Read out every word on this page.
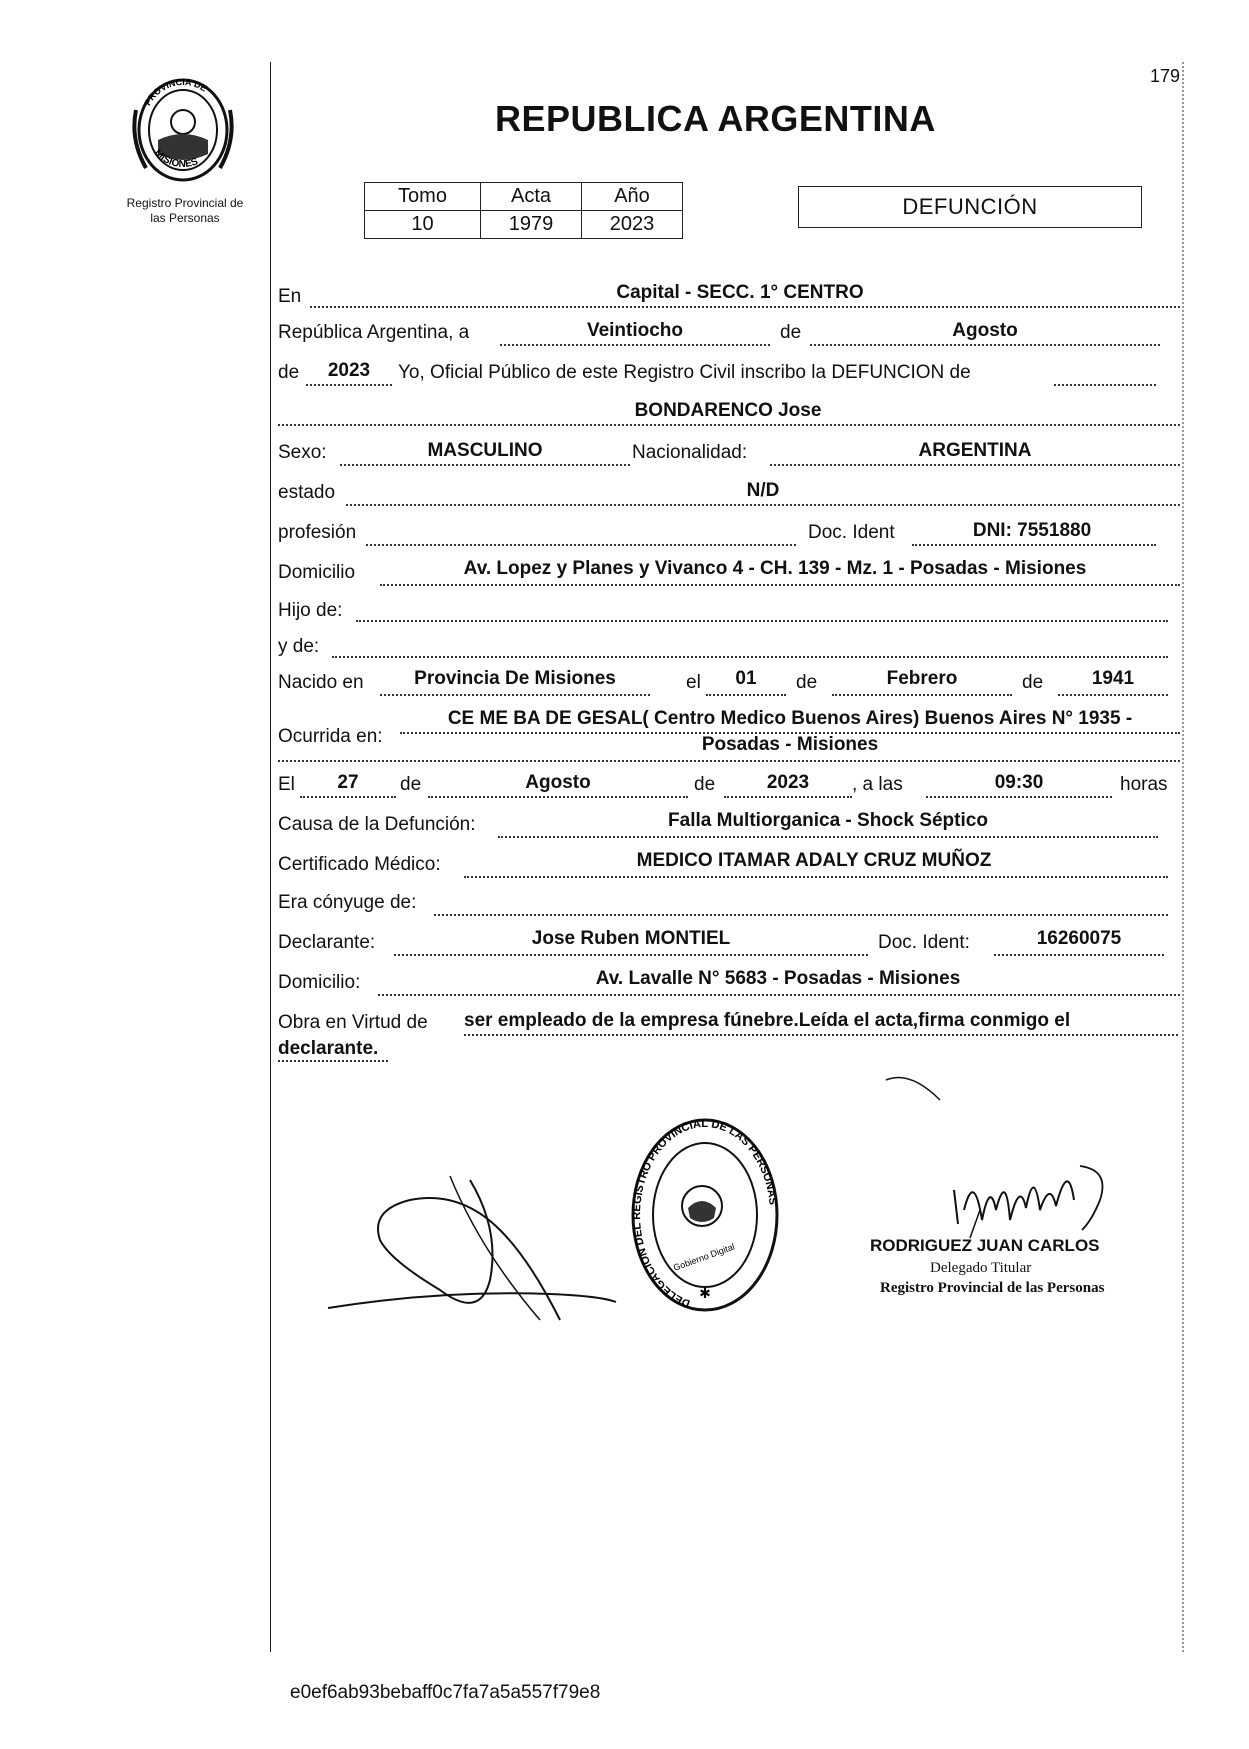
179
PROVINCIA DE
MISIONES
Registro Provincial de
las Personas
REPUBLICA ARGENTINA
Tomo	Acta	Año
10	1979	2023
DEFUNCIÓN
En	Capital - SECC. 1° CENTRO
República Argentina, a	Veintiocho	de	Agosto
de	2023	Yo, Oficial Público de este Registro Civil inscribo la DEFUNCION de
BONDARENCO Jose
Sexo:	MASCULINO	Nacionalidad:	ARGENTINA
estado	N/D
profesión	Doc. Ident	DNI: 7551880
Domicilio	Av. Lopez y Planes y Vivanco 4 - CH. 139 - Mz. 1 - Posadas - Misiones
Hijo de:
y de:
Nacido en	Provincia De Misiones	el	01	de	Febrero	de	1941
Ocurrida en:
CE ME BA DE GESAL( Centro Medico Buenos Aires) Buenos Aires N° 1935 -
Posadas - Misiones
El	27	de	Agosto	de	2023	, a las	09:30	horas
Causa de la Defunción:	Falla Multiorganica - Shock Séptico
Certificado Médico:	MEDICO ITAMAR ADALY CRUZ MUÑOZ
Era cónyuge de:
Declarante:	Jose Ruben MONTIEL	Doc. Ident:	16260075
Domicilio:	Av. Lavalle N° 5683 - Posadas - Misiones
Obra en Virtud de ser empleado de la empresa fúnebre.Leída el acta,firma conmigo el
declarante.
DELEGACION DEL REGISTRO PROVINCIAL DE LAS PERSONAS
Gobierno Digital
✱
RODRIGUEZ JUAN CARLOS
Delegado Titular
Registro Provincial de las Personas
e0ef6ab93bebaff0c7fa7a5a557f79e8
